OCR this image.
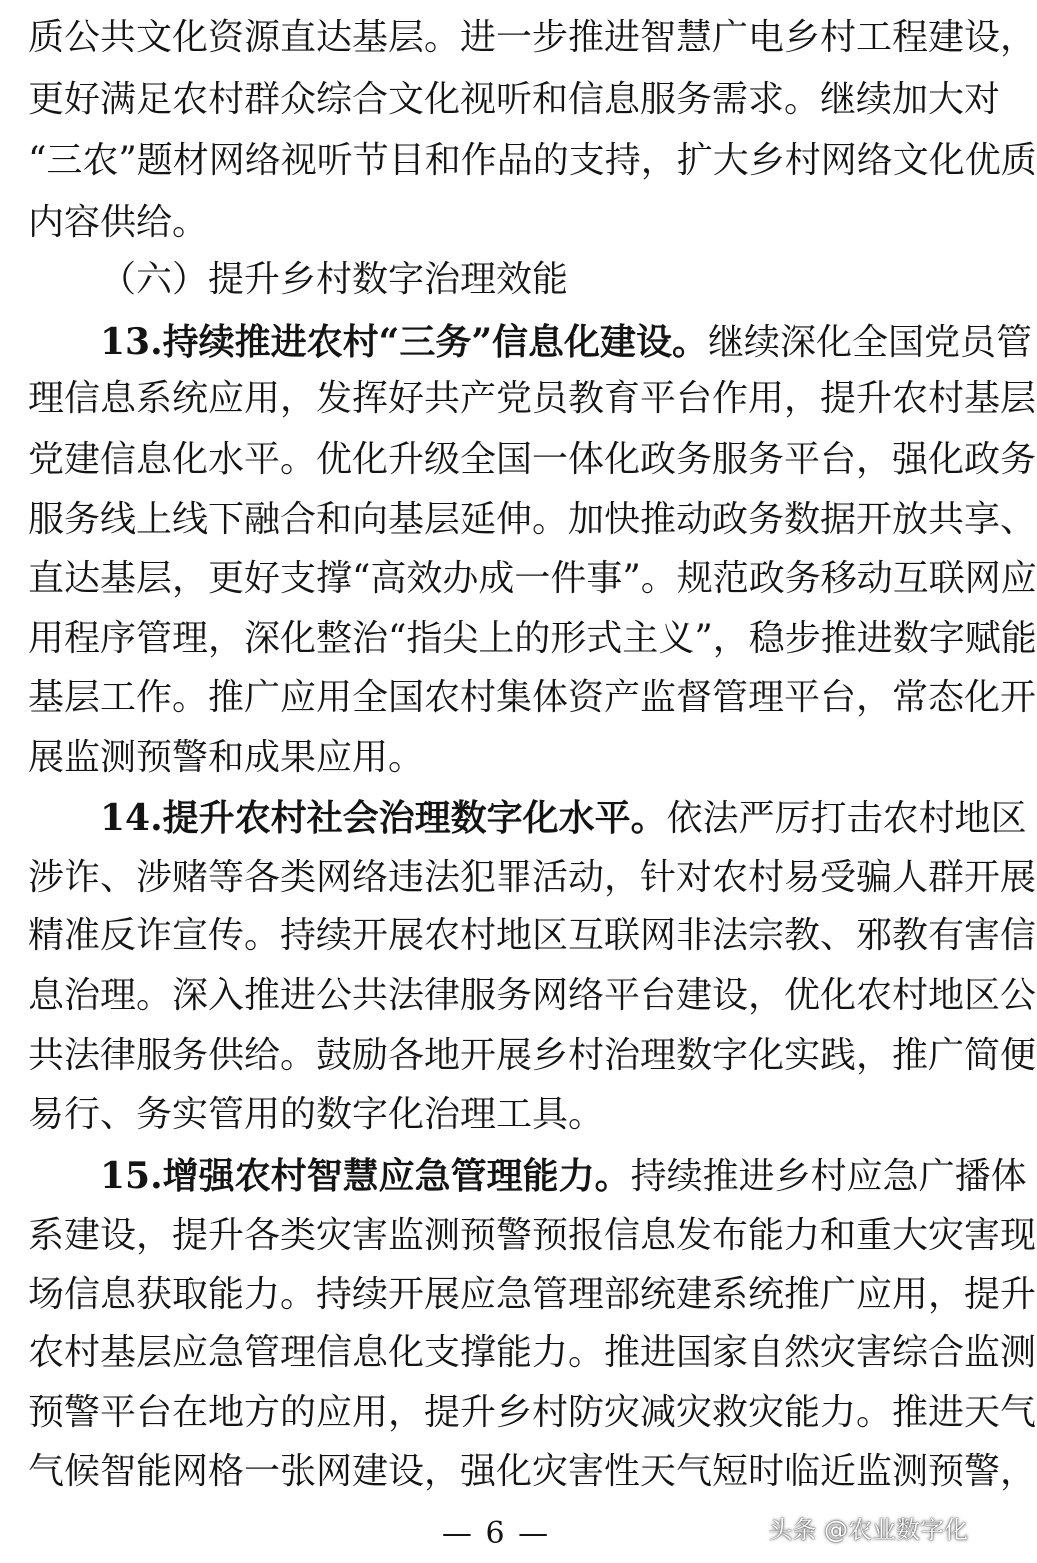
质公共文化资源直达基层。进一步推进智慧广电乡村工程建设，
更好满足农村群众综合文化视听和信息服务需求。继续加大对
“三农”题材网络视听节目和作品的支持，扩大乡村网络文化优质
内容供给。
（六）提升乡村数字治理效能
13.持续推进农村“三务”信息化建设。继续深化全国党员管
理信息系统应用，发挥好共产党员教育平台作用，提升农村基层
党建信息化水平。优化升级全国一体化政务服务平台，强化政务
服务线上线下融合和向基层延伸。加快推动政务数据开放共享、
直达基层，更好支撑“高效办成一件事”。规范政务移动互联网应
用程序管理，深化整治“指尖上的形式主义”，稳步推进数字赋能
基层工作。推广应用全国农村集体资产监督管理平台，常态化开
展监测预警和成果应用。
14.提升农村社会治理数字化水平。依法严厉打击农村地区
涉诈、涉赌等各类网络违法犯罪活动，针对农村易受骗人群开展
精准反诈宣传。持续开展农村地区互联网非法宗教、邪教有害信
息治理。深入推进公共法律服务网络平台建设，优化农村地区公
共法律服务供给。鼓励各地开展乡村治理数字化实践，推广简便
易行、务实管用的数字化治理工具。
15.增强农村智慧应急管理能力。持续推进乡村应急广播体
系建设，提升各类灾害监测预警预报信息发布能力和重大灾害现
场信息获取能力。持续开展应急管理部统建系统推广应用，提升
农村基层应急管理信息化支撑能力。推进国家自然灾害综合监测
预警平台在地方的应用，提升乡村防灾减灾救灾能力。推进天气
气候智能网格一张网建设，强化灾害性天气短时临近监测预警，
— 6 —	头条 @农业数字化
